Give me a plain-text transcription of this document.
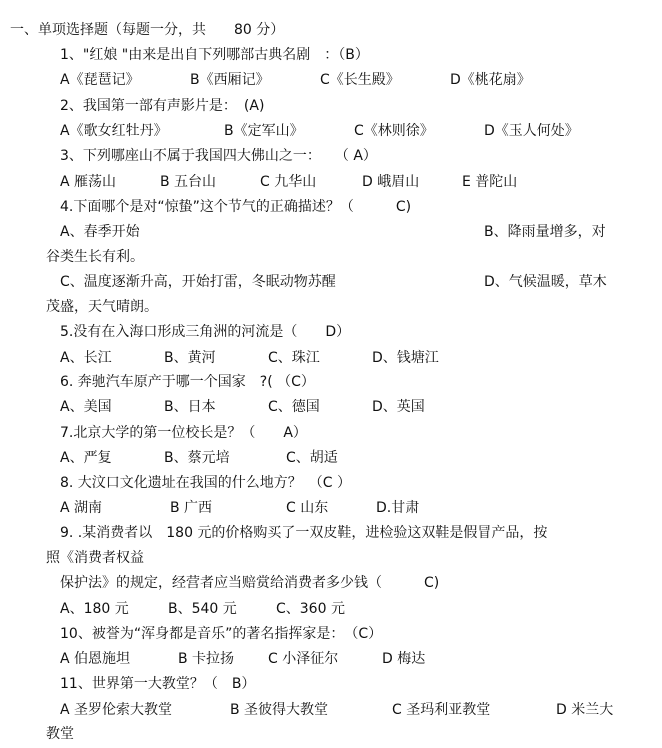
一、单项选择题（每题一分，共　　80 分）
1、"红娘 "由来是出自下列哪部古典名剧　：（B）
A《琵琶记》	B《西厢记》	C《长生殿》	D《桃花扇》
2、我国第一部有声影片是：　(A)
A《歌女红牡丹》	B《定军山》	C《林则徐》	D《玉人何处》
3、下列哪座山不属于我国四大佛山之一：　　（ A）
A 雁荡山	B 五台山	C 九华山	D 峨眉山	E 普陀山
4.下面哪个是对“惊蛰”这个节气的正确描述？（　　　C)
A、春季开始	B、降雨量增多，对
谷类生长有利。
C、温度逐渐升高，开始打雷，冬眠动物苏醒	D、气候温暖，草木
茂盛，天气晴朗。
5.没有在入海口形成三角洲的河流是（　　D）
A、长江	B、黄河	C、珠江	D、钱塘江
6. 奔驰汽车原产于哪一个国家　?( （C）
A、美国	B、日本	C、德国	D、英国
7.北京大学的第一位校长是？（　　A）
A、严复	B、蔡元培	C、胡适
8. 大汶口文化遗址在我国的什么地方？　（C ）
A 湖南	B 广西	C 山东	D.甘肃
9. .某消费者以　180 元的价格购买了一双皮鞋，进检验这双鞋是假冒产品，按
照《消费者权益
保护法》的规定，经营者应当赔赏给消费者多少钱（　　　C)
A、180 元	B、540 元	C、360 元
10、被誉为“浑身都是音乐”的著名指挥家是：　（C）
A 伯恩施坦	B 卡拉扬 C 小泽征尔	D 梅达
11、世界第一大教堂？（　B）
A 圣罗伦索大教堂	B 圣彼得大教堂	C 圣玛利亚教堂	D 米兰大
教堂
